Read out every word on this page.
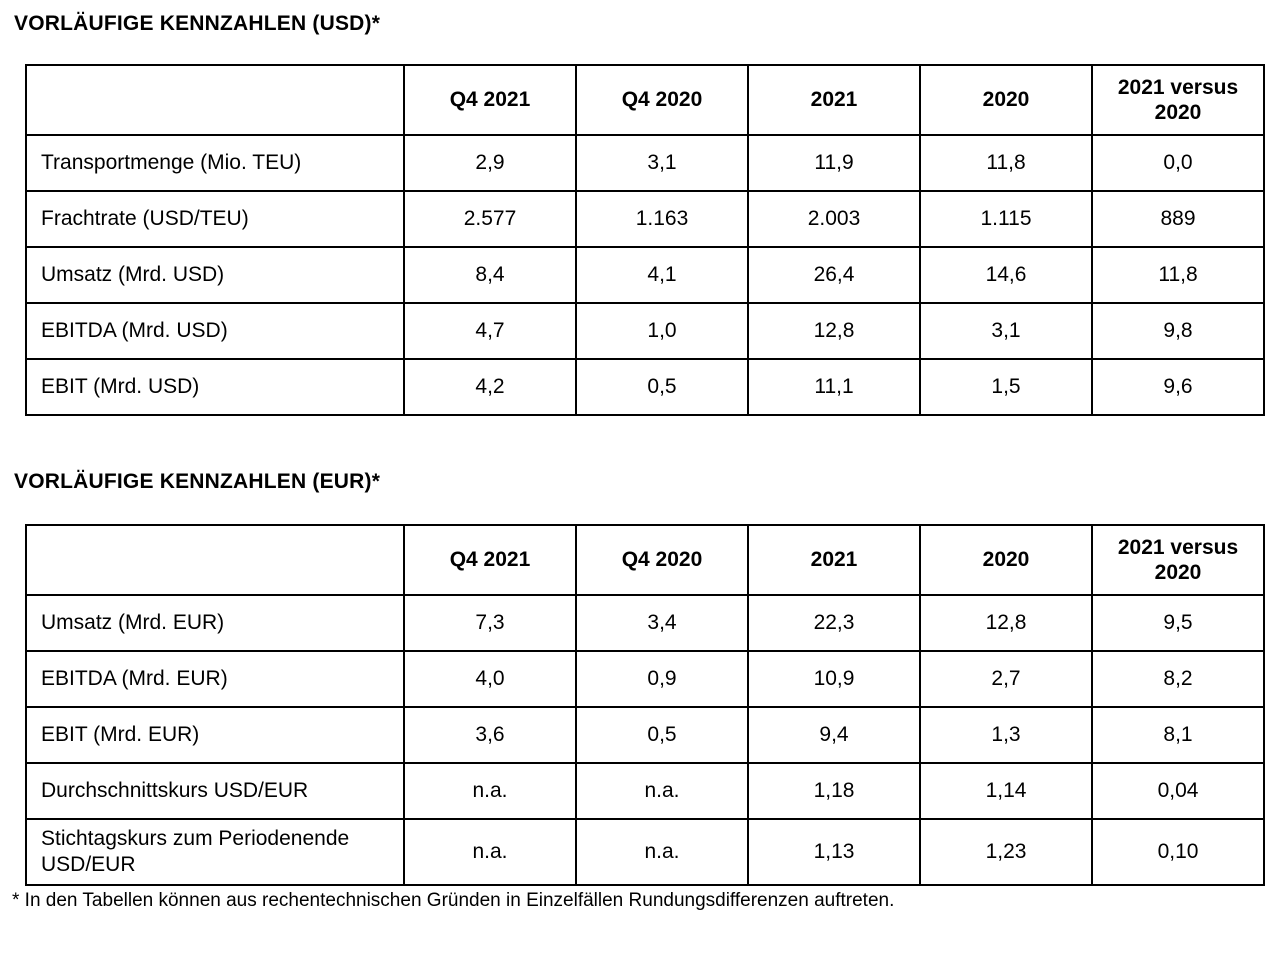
VORLÄUFIGE KENNZAHLEN (USD)*
	Q4 2021	Q4 2020	2021	2020	2021 versus 2020
Transportmenge (Mio. TEU)	2,9	3,1	11,9	11,8	0,0
Frachtrate (USD/TEU)	2.577	1.163	2.003	1.115	889
Umsatz (Mrd. USD)	8,4	4,1	26,4	14,6	11,8
EBITDA (Mrd. USD)	4,7	1,0	12,8	3,1	9,8
EBIT (Mrd. USD)	4,2	0,5	11,1	1,5	9,6
VORLÄUFIGE KENNZAHLEN (EUR)*
	Q4 2021	Q4 2020	2021	2020	2021 versus 2020
Umsatz (Mrd. EUR)	7,3	3,4	22,3	12,8	9,5
EBITDA (Mrd. EUR)	4,0	0,9	10,9	2,7	8,2
EBIT (Mrd. EUR)	3,6	0,5	9,4	1,3	8,1
Durchschnittskurs USD/EUR	n.a.	n.a.	1,18	1,14	0,04
Stichtagskurs zum Periodenende USD/EUR	n.a.	n.a.	1,13	1,23	0,10
* In den Tabellen können aus rechentechnischen Gründen in Einzelfällen Rundungsdifferenzen auftreten.
